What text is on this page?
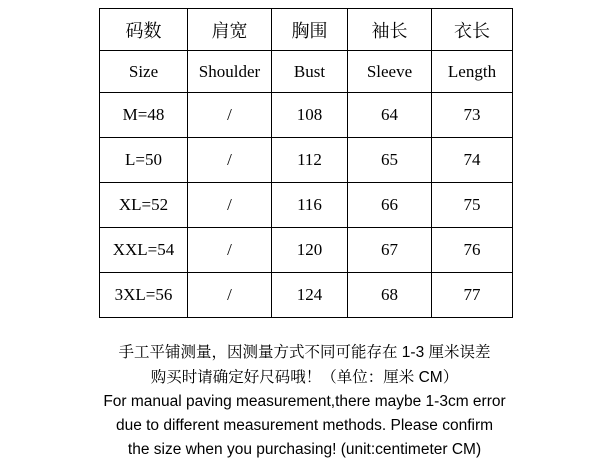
码数	肩宽	胸围	袖长	衣长
Size	Shoulder	Bust	Sleeve	Length
M=48	/	108	64	73
L=50	/	112	65	74
XL=52	/	116	66	75
XXL=54	/	120	67	76
3XL=56	/	124	68	77
手工平铺测量，因测量方式不同可能存在 1-3 厘米误差
购买时请确定好尺码哦！（单位：厘米 CM）
For manual paving measurement,there maybe 1-3cm error
due to different measurement methods. Please confirm
the size when you purchasing! (unit:centimeter CM)
